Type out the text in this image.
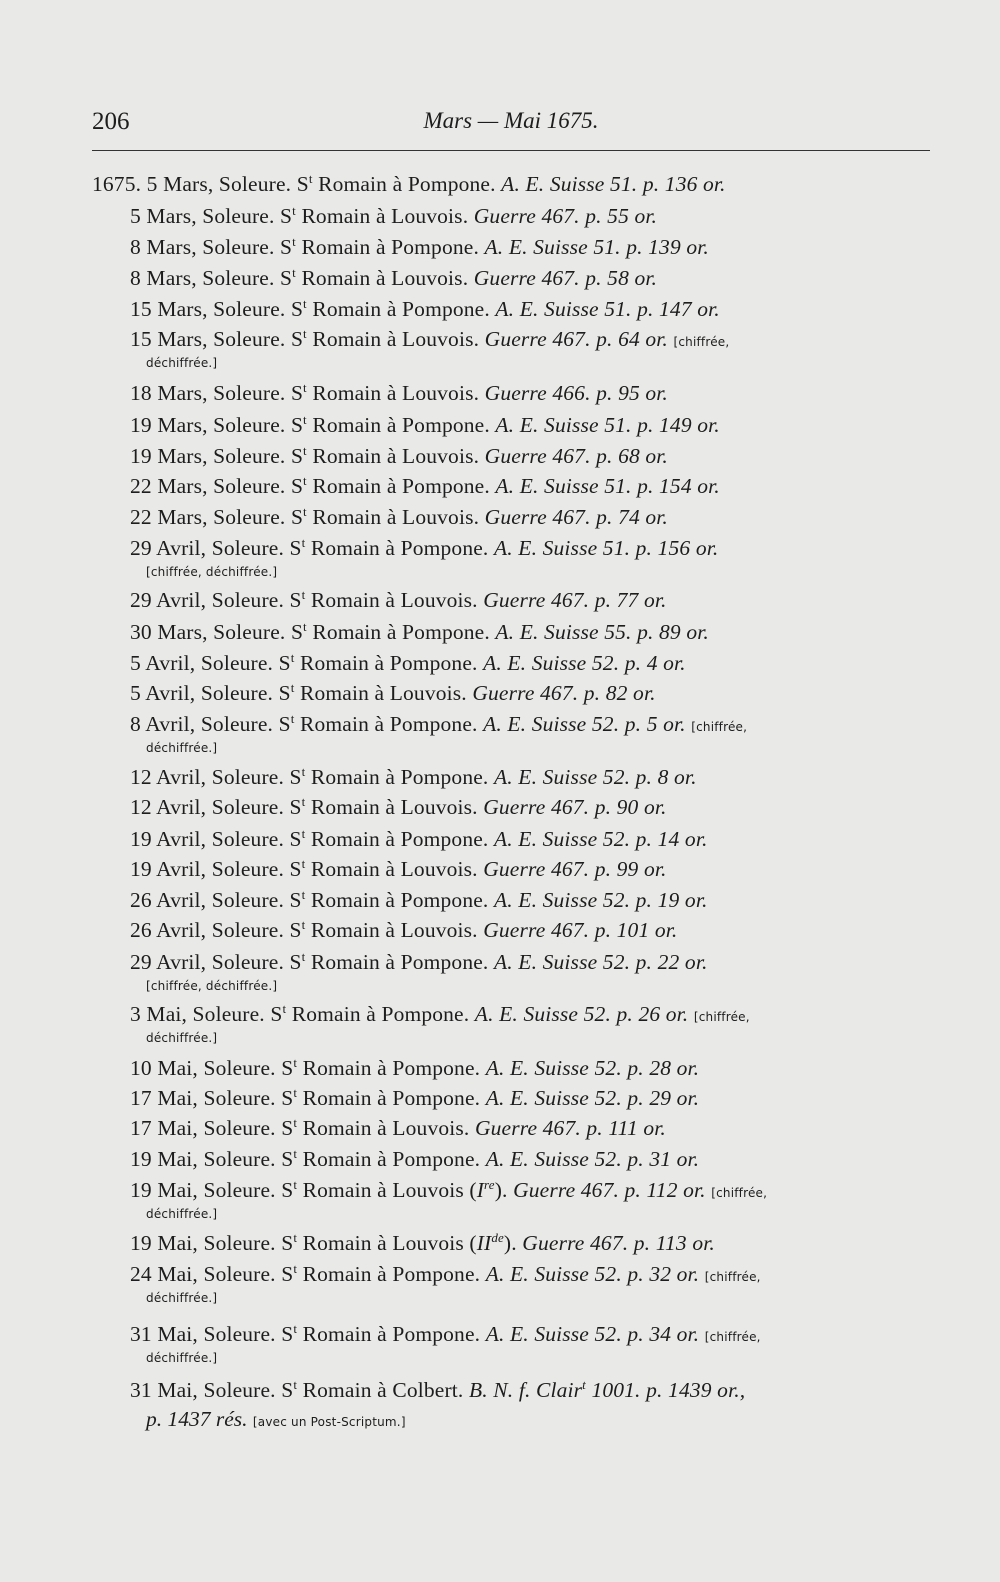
206	Mars — Mai 1675.
1675. 5 Mars, Soleure. $S^t$ Romain à Pompone. A. E. Suisse 51. p. 136 or.
5 Mars, Soleure. $S^t$ Romain à Louvois. Guerre 467. p. 55 or.
8 Mars, Soleure. $S^t$ Romain à Pompone. A. E. Suisse 51. p. 139 or.
8 Mars, Soleure. $S^t$ Romain à Louvois. Guerre 467. p. 58 or.
15 Mars, Soleure. $S^t$ Romain à Pompone. A. E. Suisse 51. p. 147 or.
15 Mars, Soleure. $S^t$ Romain à Louvois. Guerre 467. p. 64 or. [chiffrée,
déchiffrée.]
18 Mars, Soleure. $S^t$ Romain à Louvois. Guerre 466. p. 95 or.
19 Mars, Soleure. $S^t$ Romain à Pompone. A. E. Suisse 51. p. 149 or.
19 Mars, Soleure. $S^t$ Romain à Louvois. Guerre 467. p. 68 or.
22 Mars, Soleure. $S^t$ Romain à Pompone. A. E. Suisse 51. p. 154 or.
22 Mars, Soleure. $S^t$ Romain à Louvois. Guerre 467. p. 74 or.
29 Avril, Soleure. $S^t$ Romain à Pompone. A. E. Suisse 51. p. 156 or.
[chiffrée, déchiffrée.]
29 Avril, Soleure. $S^t$ Romain à Louvois. Guerre 467. p. 77 or.
30 Mars, Soleure. $S^t$ Romain à Pompone. A. E. Suisse 55. p. 89 or.
5 Avril, Soleure. $S^t$ Romain à Pompone. A. E. Suisse 52. p. 4 or.
5 Avril, Soleure. $S^t$ Romain à Louvois. Guerre 467. p. 82 or.
8 Avril, Soleure. $S^t$ Romain à Pompone. A. E. Suisse 52. p. 5 or. [chiffrée,
déchiffrée.]
12 Avril, Soleure. $S^t$ Romain à Pompone. A. E. Suisse 52. p. 8 or.
12 Avril, Soleure. $S^t$ Romain à Louvois. Guerre 467. p. 90 or.
19 Avril, Soleure. $S^t$ Romain à Pompone. A. E. Suisse 52. p. 14 or.
19 Avril, Soleure. $S^t$ Romain à Louvois. Guerre 467. p. 99 or.
26 Avril, Soleure. $S^t$ Romain à Pompone. A. E. Suisse 52. p. 19 or.
26 Avril, Soleure. $S^t$ Romain à Louvois. Guerre 467. p. 101 or.
29 Avril, Soleure. $S^t$ Romain à Pompone. A. E. Suisse 52. p. 22 or.
[chiffrée, déchiffrée.]
3 Mai, Soleure. $S^t$ Romain à Pompone. A. E. Suisse 52. p. 26 or. [chiffrée,
déchiffrée.]
10 Mai, Soleure. $S^t$ Romain à Pompone. A. E. Suisse 52. p. 28 or.
17 Mai, Soleure. $S^t$ Romain à Pompone. A. E. Suisse 52. p. 29 or.
17 Mai, Soleure. $S^t$ Romain à Louvois. Guerre 467. p. 111 or.
19 Mai, Soleure. $S^t$ Romain à Pompone. A. E. Suisse 52. p. 31 or.
19 Mai, Soleure. $S^t$ Romain à Louvois (Ire). Guerre 467. p. 112 or. [chiffrée,
déchiffrée.]
19 Mai, Soleure. $S^t$ Romain à Louvois (IIde). Guerre 467. p. 113 or.
24 Mai, Soleure. $S^t$ Romain à Pompone. A. E. Suisse 52. p. 32 or. [chiffrée,
déchiffrée.]
31 Mai, Soleure. $S^t$ Romain à Pompone. A. E. Suisse 52. p. 34 or. [chiffrée,
déchiffrée.]
31 Mai, Soleure. $S^t$ Romain à Colbert. B. N. f. Clair$^t$ 1001. p. 1439 or.,
p. 1437 rés. [avec un Post-Scriptum.]
